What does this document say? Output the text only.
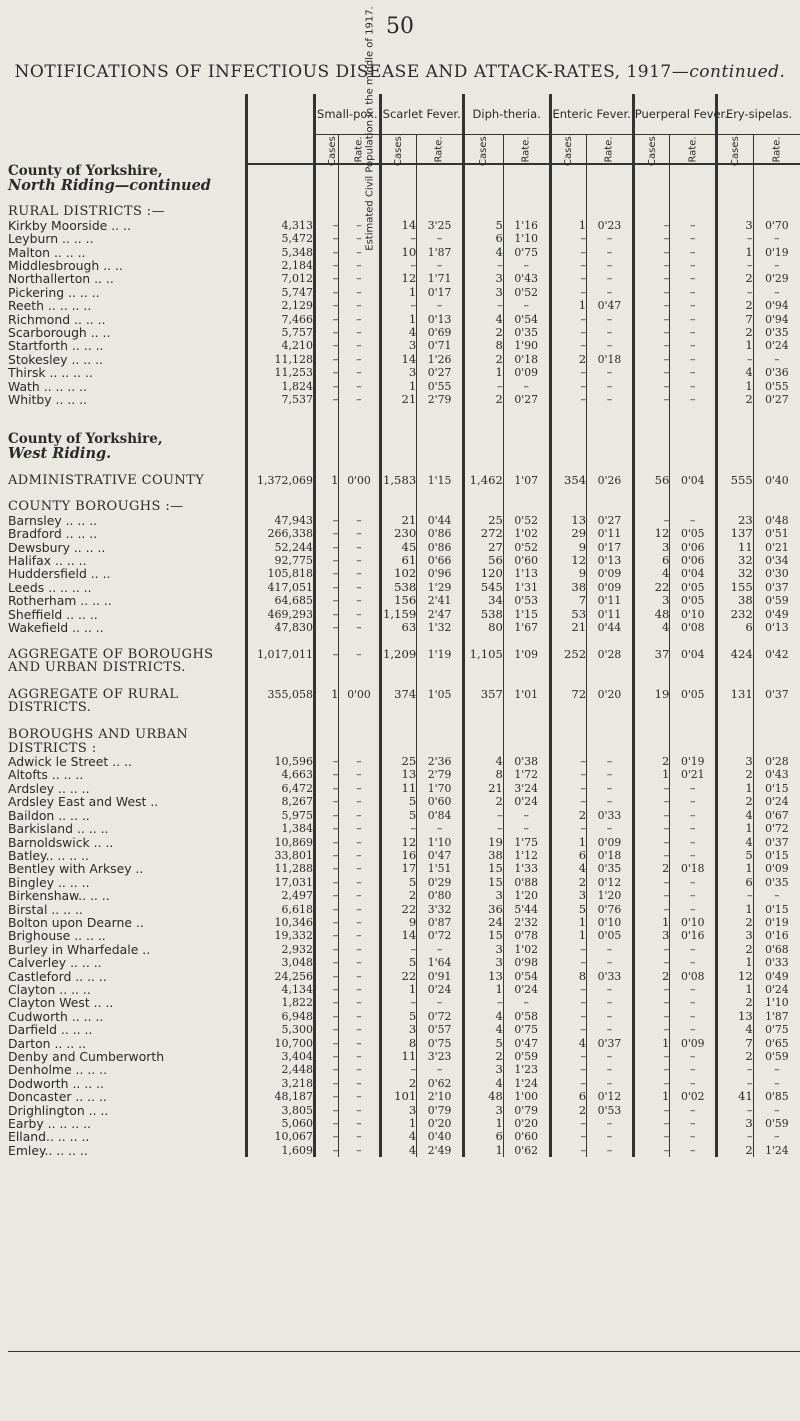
50
NOTIFICATIONS OF INFECTIOUS DISEASE AND ATTACK-RATES, 1917—continued.
	Estimated Civil Population in the middle of 1917.	Small-pox.		Scarlet Fever.		Diph-theria.		Enteric Fever.		Puerperal Fever.		Ery-sipelas.	
		Cases.	Rate.	Cases.	Rate.	Cases.	Rate.	Cases.	Rate.	Cases.	Rate.	Cases.	Rate.
County of Yorkshire,													
North Riding—continued													

RURAL DISTRICTS :—													
Kirkby Moorside .. ..	4,313	–	–	14	3'25	5	1'16	1	0'23	–	–	3	0'70
Leyburn .. .. ..	5,472	–	–	–	–	6	1'10	–	–	–	–	–	–
Malton .. .. ..	5,348	–	–	10	1'87	4	0'75	–	–	–	–	1	0'19
Middlesbrough .. ..	2,184	–	–	–	–	–	–	–	–	–	–	–	–
Northallerton .. ..	7,012	–	–	12	1'71	3	0'43	–	–	–	–	2	0'29
Pickering .. .. ..	5,747	–	–	1	0'17	3	0'52	–	–	–	–	–	–
Reeth .. .. .. ..	2,129	–	–	–	–	–	–	1	0'47	–	–	2	0'94
Richmond .. .. ..	7,466	–	–	1	0'13	4	0'54	–	–	–	–	7	0'94
Scarborough .. ..	5,757	–	–	4	0'69	2	0'35	–	–	–	–	2	0'35
Startforth .. .. ..	4,210	–	–	3	0'71	8	1'90	–	–	–	–	1	0'24
Stokesley .. .. ..	11,128	–	–	14	1'26	2	0'18	2	0'18	–	–	–	–
Thirsk .. .. .. ..	11,253	–	–	3	0'27	1	0'09	–	–	–	–	4	0'36
Wath .. .. .. ..	1,824	–	–	1	0'55	–	–	–	–	–	–	1	0'55
Whitby .. .. ..	7,537	–	–	21	2'79	2	0'27	–	–	–	–	2	0'27

County of Yorkshire,													
West Riding.													

ADMINISTRATIVE COUNTY	1,372,069	1	0'00	1,583	1'15	1,462	1'07	354	0'26	56	0'04	555	0'40

COUNTY BOROUGHS :—													
Barnsley .. .. ..	47,943	–	–	21	0'44	25	0'52	13	0'27	–	–	23	0'48
Bradford .. .. ..	266,338	–	–	230	0'86	272	1'02	29	0'11	12	0'05	137	0'51
Dewsbury .. .. ..	52,244	–	–	45	0'86	27	0'52	9	0'17	3	0'06	11	0'21
Halifax .. .. ..	92,775	–	–	61	0'66	56	0'60	12	0'13	6	0'06	32	0'34
Huddersfield .. ..	105,818	–	–	102	0'96	120	1'13	9	0'09	4	0'04	32	0'30
Leeds .. .. .. ..	417,051	–	–	538	1'29	545	1'31	38	0'09	22	0'05	155	0'37
Rotherham .. .. ..	64,685	–	–	156	2'41	34	0'53	7	0'11	3	0'05	38	0'59
Sheffield .. .. ..	469,293	–	–	1,159	2'47	538	1'15	53	0'11	48	0'10	232	0'49
Wakefield .. .. ..	47,830	–	–	63	1'32	80	1'67	21	0'44	4	0'08	6	0'13

AGGREGATE OF BOROUGHS	1,017,011	–	–	1,209	1'19	1,105	1'09	252	0'28	37	0'04	424	0'42
AND URBAN DISTRICTS.													

AGGREGATE OF RURAL	355,058	1	0'00	374	1'05	357	1'01	72	0'20	19	0'05	131	0'37
DISTRICTS.													

BOROUGHS AND URBAN													
DISTRICTS :													
Adwick le Street .. ..	10,596	–	–	25	2'36	4	0'38	–	–	2	0'19	3	0'28
Altofts .. .. ..	4,663	–	–	13	2'79	8	1'72	–	–	1	0'21	2	0'43
Ardsley .. .. ..	6,472	–	–	11	1'70	21	3'24	–	–	–	–	1	0'15
Ardsley East and West ..	8,267	–	–	5	0'60	2	0'24	–	–	–	–	2	0'24
Baildon .. .. ..	5,975	–	–	5	0'84	–	–	2	0'33	–	–	4	0'67
Barkisland .. .. ..	1,384	–	–	–	–	–	–	–	–	–	–	1	0'72
Barnoldswick .. ..	10,869	–	–	12	1'10	19	1'75	1	0'09	–	–	4	0'37
Batley.. .. .. ..	33,801	–	–	16	0'47	38	1'12	6	0'18	–	–	5	0'15
Bentley with Arksey ..	11,288	–	–	17	1'51	15	1'33	4	0'35	2	0'18	1	0'09
Bingley .. .. ..	17,031	–	–	5	0'29	15	0'88	2	0'12	–	–	6	0'35
Birkenshaw.. .. ..	2,497	–	–	2	0'80	3	1'20	3	1'20	–	–	–	–
Birstal .. .. ..	6,618	–	–	22	3'32	36	5'44	5	0'76	–	–	1	0'15
Bolton upon Dearne ..	10,346	–	–	9	0'87	24	2'32	1	0'10	1	0'10	2	0'19
Brighouse .. .. ..	19,332	–	–	14	0'72	15	0'78	1	0'05	3	0'16	3	0'16
Burley in Wharfedale ..	2,932	–	–	–	–	3	1'02	–	–	–	–	2	0'68
Calverley .. .. ..	3,048	–	–	5	1'64	3	0'98	–	–	–	–	1	0'33
Castleford .. .. ..	24,256	–	–	22	0'91	13	0'54	8	0'33	2	0'08	12	0'49
Clayton .. .. ..	4,134	–	–	1	0'24	1	0'24	–	–	–	–	1	0'24
Clayton West .. ..	1,822	–	–	–	–	–	–	–	–	–	–	2	1'10
Cudworth .. .. ..	6,948	–	–	5	0'72	4	0'58	–	–	–	–	13	1'87
Darfield .. .. ..	5,300	–	–	3	0'57	4	0'75	–	–	–	–	4	0'75
Darton .. .. ..	10,700	–	–	8	0'75	5	0'47	4	0'37	1	0'09	7	0'65
Denby and Cumberworth	3,404	–	–	11	3'23	2	0'59	–	–	–	–	2	0'59
Denholme .. .. ..	2,448	–	–	–	–	3	1'23	–	–	–	–	–	–
Dodworth .. .. ..	3,218	–	–	2	0'62	4	1'24	–	–	–	–	–	–
Doncaster .. .. ..	48,187	–	–	101	2'10	48	1'00	6	0'12	1	0'02	41	0'85
Drighlington .. ..	3,805	–	–	3	0'79	3	0'79	2	0'53	–	–	–	–
Earby .. .. .. ..	5,060	–	–	1	0'20	1	0'20	–	–	–	–	3	0'59
Elland.. .. .. ..	10,067	–	–	4	0'40	6	0'60	–	–	–	–	–	–
Emley.. .. .. ..	1,609	–	–	4	2'49	1	0'62	–	–	–	–	2	1'24
